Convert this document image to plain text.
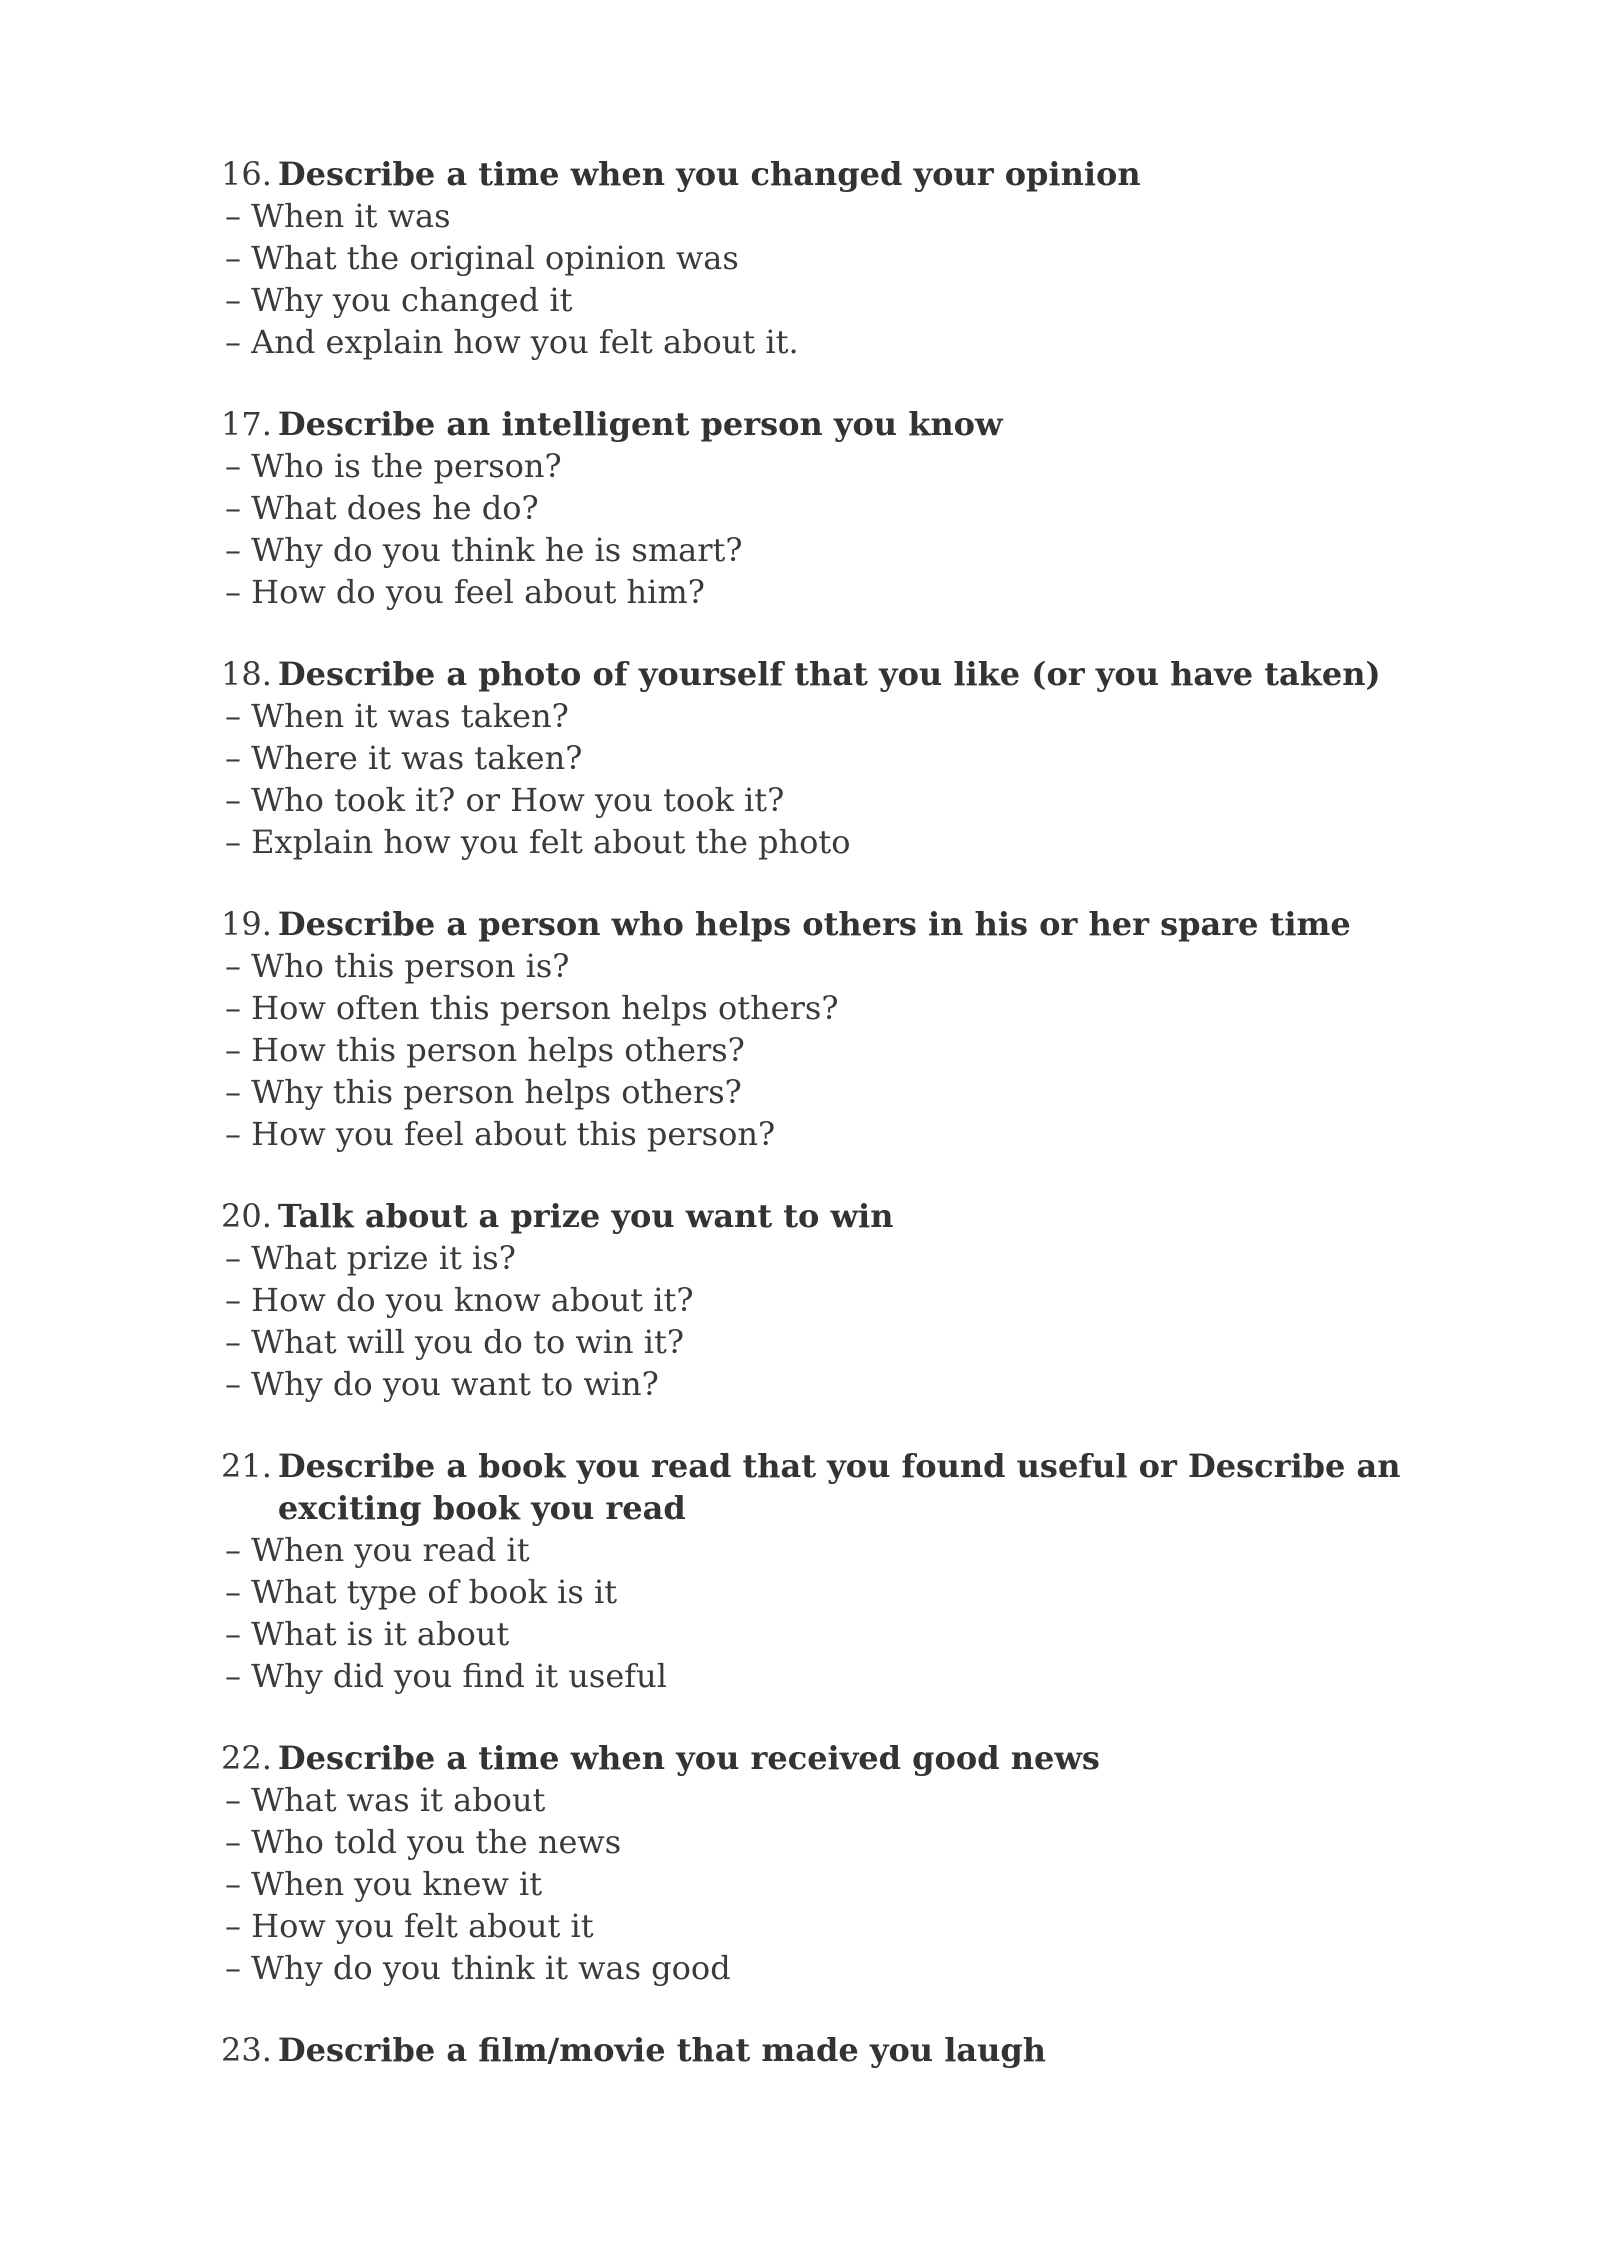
16. Describe a time when you changed your opinion
– When it was
– What the original opinion was
– Why you changed it
– And explain how you felt about it.
17. Describe an intelligent person you know
– Who is the person?
– What does he do?
– Why do you think he is smart?
– How do you feel about him?
18. Describe a photo of yourself that you like (or you have taken)
– When it was taken?
– Where it was taken?
– Who took it? or How you took it?
– Explain how you felt about the photo
19. Describe a person who helps others in his or her spare time
– Who this person is?
– How often this person helps others?
– How this person helps others?
– Why this person helps others?
– How you feel about this person?
20. Talk about a prize you want to win
– What prize it is?
– How do you know about it?
– What will you do to win it?
– Why do you want to win?
21. Describe a book you read that you found useful or Describe an exciting book you read
– When you read it
– What type of book is it
– What is it about
– Why did you find it useful
22. Describe a time when you received good news
– What was it about
– Who told you the news
– When you knew it
– How you felt about it
– Why do you think it was good
23. Describe a film/movie that made you laugh
